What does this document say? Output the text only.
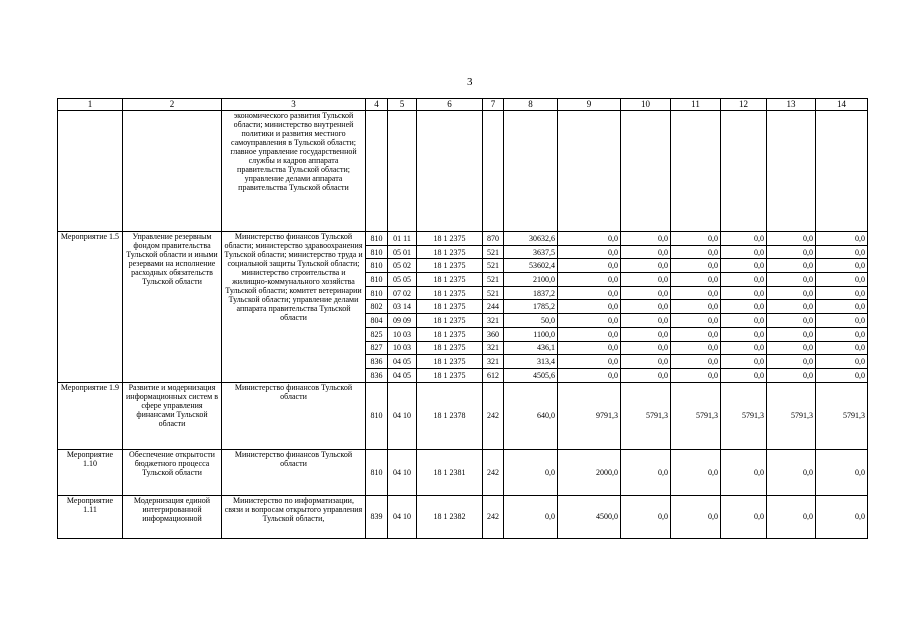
3
1	2	3	4	5	6	7	8	9	10	11	12	13	14
		экономического развития Тульской области; министерство внутренней политики и развития местного самоуправления в Тульской области; главное управление государственной службы и кадров аппарата правительства Тульской области; управление делами аппарата правительства Тульской области											
Мероприятие 1.5	Управление резервным фондом правительства Тульской области и иными резервами на исполнение расходных обязательств Тульской области	Министерство финансов Тульской области; министерство здравоохранения Тульской области; министерство труда и социальной защиты Тульской области; министерство строительства и жилищно-коммунального хозяйства Тульской области; комитет ветеринарии Тульской области; управление делами аппарата правительства Тульской области	810	01 11	18 1 2375	870	30632,6	0,0	0,0	0,0	0,0	0,0	0,0
			810	05 01	18 1 2375	521	3637,5	0,0	0,0	0,0	0,0	0,0	0,0
			810	05 02	18 1 2375	521	53602,4	0,0	0,0	0,0	0,0	0,0	0,0
			810	05 05	18 1 2375	521	2100,0	0,0	0,0	0,0	0,0	0,0	0,0
			810	07 02	18 1 2375	521	1837,2	0,0	0,0	0,0	0,0	0,0	0,0
			802	03 14	18 1 2375	244	1785,2	0,0	0,0	0,0	0,0	0,0	0,0
			804	09 09	18 1 2375	321	50,0	0,0	0,0	0,0	0,0	0,0	0,0
			825	10 03	18 1 2375	360	1100,0	0,0	0,0	0,0	0,0	0,0	0,0
			827	10 03	18 1 2375	321	436,1	0,0	0,0	0,0	0,0	0,0	0,0
			836	04 05	18 1 2375	321	313,4	0,0	0,0	0,0	0,0	0,0	0,0
			836	04 05	18 1 2375	612	4505,6	0,0	0,0	0,0	0,0	0,0	0,0
Мероприятие 1.9	Развитие и модернизация информационных систем в сфере управления финансами Тульской области	Министерство финансов Тульской области	810	04 10	18 1 2378	242	640,0	9791,3	5791,3	5791,3	5791,3	5791,3	5791,3
Мероприятие 1.10	Обеспечение открытости бюджетного процесса Тульской области	Министерство финансов Тульской области	810	04 10	18 1 2381	242	0,0	2000,0	0,0	0,0	0,0	0,0	0,0
Мероприятие 1.11	Модернизация единой интегрированной информационной	Министерство по информатизации, связи и вопросам открытого управления Тульской области,	839	04 10	18 1 2382	242	0,0	4500,0	0,0	0,0	0,0	0,0	0,0
